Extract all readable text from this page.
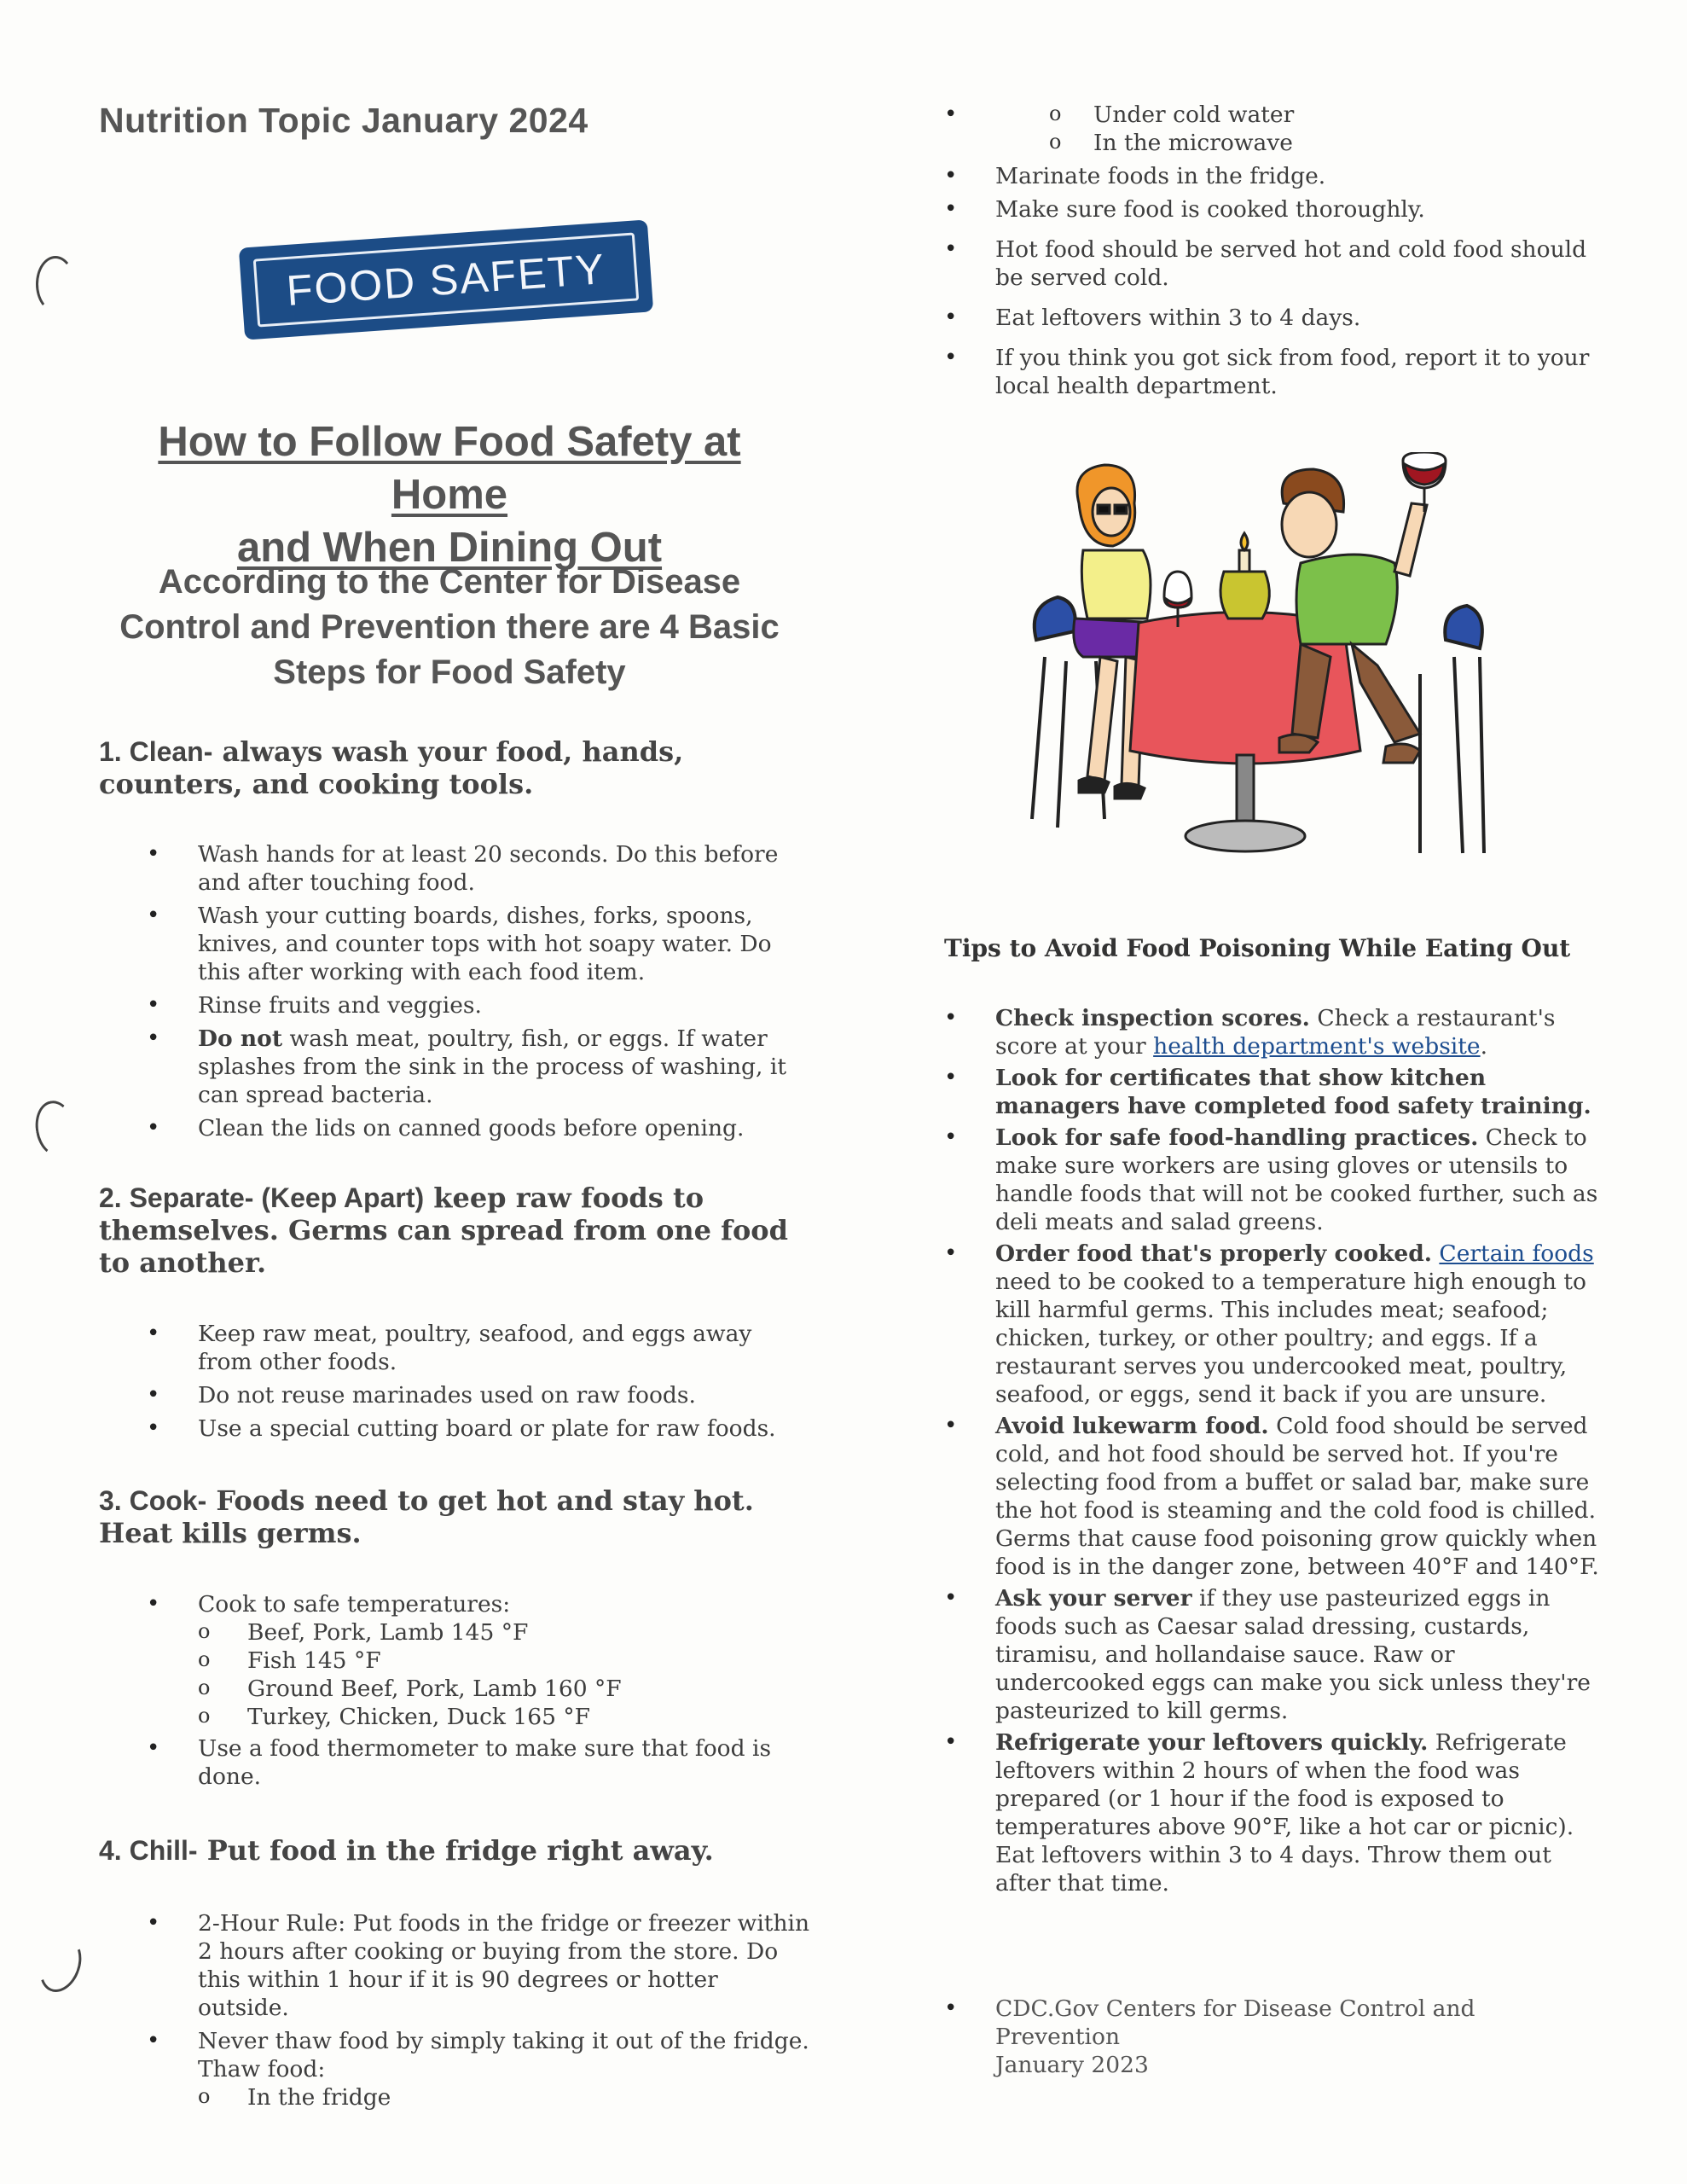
Nutrition Topic January 2024
FOOD SAFETY
How to Follow Food Safety at Home
and When Dining Out
According to the Center for Disease
Control and Prevention there are 4 Basic
Steps for Food Safety
1. Clean- always wash your food, hands, counters, and cooking tools.
• Wash hands for at least 20 seconds. Do this before and after touching food.
• Wash your cutting boards, dishes, forks, spoons, knives, and counter tops with hot soapy water. Do this after working with each food item.
• Rinse fruits and veggies.
• Do not wash meat, poultry, fish, or eggs. If water splashes from the sink in the process of washing, it can spread bacteria.
• Clean the lids on canned goods before opening.
2. Separate- (Keep Apart) keep raw foods to themselves. Germs can spread from one food to another.
• Keep raw meat, poultry, seafood, and eggs away from other foods.
• Do not reuse marinades used on raw foods.
• Use a special cutting board or plate for raw foods.
3. Cook- Foods need to get hot and stay hot. Heat kills germs.
• Cook to safe temperatures:
o Beef, Pork, Lamb 145 °F
o Fish 145 °F
o Ground Beef, Pork, Lamb 160 °F
o Turkey, Chicken, Duck 165 °F
• Use a food thermometer to make sure that food is done.
4. Chill- Put food in the fridge right away.
• 2-Hour Rule: Put foods in the fridge or freezer within 2 hours after cooking or buying from the store. Do this within 1 hour if it is 90 degrees or hotter outside.
• Never thaw food by simply taking it out of the fridge. Thaw food:
o In the fridge
o • Under cold water
o In the microwave
• Marinate foods in the fridge.
• Make sure food is cooked thoroughly.
• Hot food should be served hot and cold food should be served cold.
• Eat leftovers within 3 to 4 days.
• If you think you got sick from food, report it to your local health department.
Tips to Avoid Food Poisoning While Eating Out
• Check inspection scores. Check a restaurant's score at your health department's website.
• Look for certificates that show kitchen managers have completed food safety training.
• Look for safe food-handling practices. Check to make sure workers are using gloves or utensils to handle foods that will not be cooked further, such as deli meats and salad greens.
• Order food that's properly cooked. Certain foods need to be cooked to a temperature high enough to kill harmful germs. This includes meat; seafood; chicken, turkey, or other poultry; and eggs. If a restaurant serves you undercooked meat, poultry, seafood, or eggs, send it back if you are unsure.
• Avoid lukewarm food. Cold food should be served cold, and hot food should be served hot. If you're selecting food from a buffet or salad bar, make sure the hot food is steaming and the cold food is chilled. Germs that cause food poisoning grow quickly when food is in the danger zone, between 40°F and 140°F.
• Ask your server if they use pasteurized eggs in foods such as Caesar salad dressing, custards, tiramisu, and hollandaise sauce. Raw or undercooked eggs can make you sick unless they're pasteurized to kill germs.
• Refrigerate your leftovers quickly. Refrigerate leftovers within 2 hours of when the food was prepared (or 1 hour if the food is exposed to temperatures above 90°F, like a hot car or picnic). Eat leftovers within 3 to 4 days. Throw them out after that time.
• CDC.Gov Centers for Disease Control and Prevention
January 2023
